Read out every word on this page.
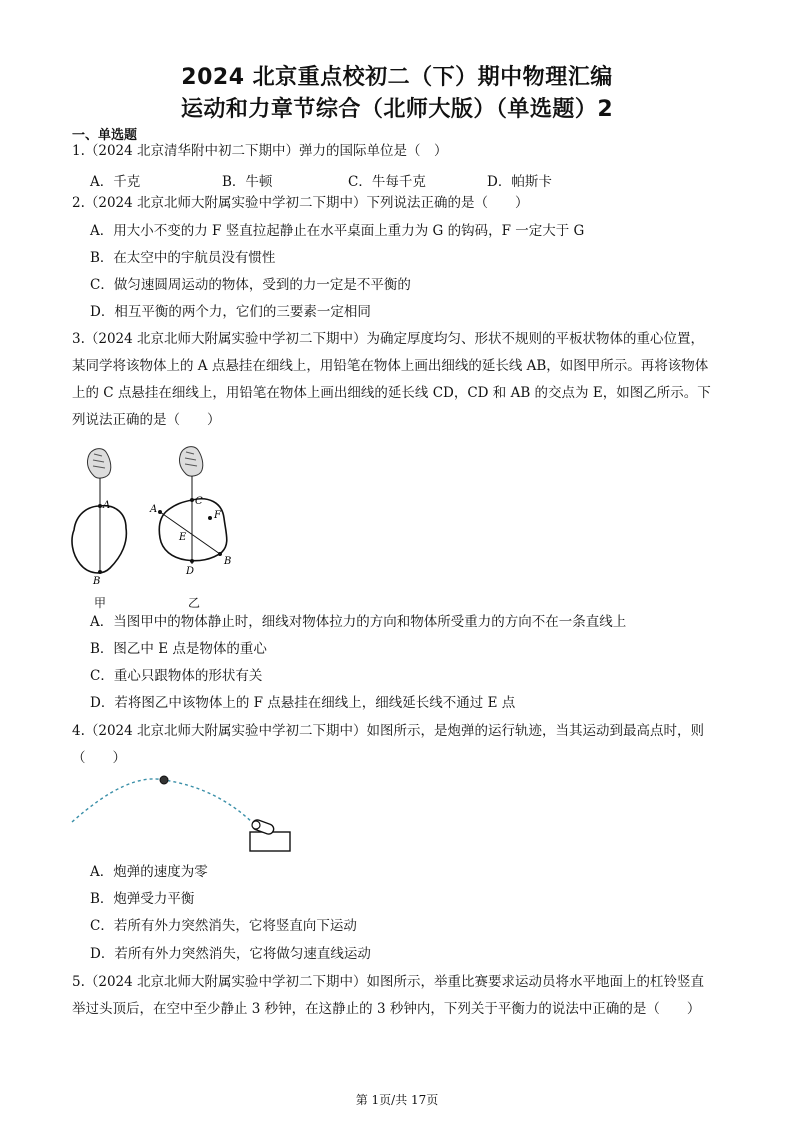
2024 北京重点校初二（下）期中物理汇编
运动和力章节综合（北师大版）（单选题）2
一、单选题
1.（2024 北京清华附中初二下期中）弹力的国际单位是（　）
A．千克	B．牛顿	C．牛每千克	D．帕斯卡
2.（2024 北京北师大附属实验中学初二下期中）下列说法正确的是（　　）
A．用大小不变的力 F 竖直拉起静止在水平桌面上重力为 G 的钩码，F 一定大于 G
B．在太空中的宇航员没有惯性
C．做匀速圆周运动的物体，受到的力一定是不平衡的
D．相互平衡的两个力，它们的三要素一定相同
3.（2024 北京北师大附属实验中学初二下期中）为确定厚度均匀、形状不规则的平板状物体的重心位置，
某同学将该物体上的 A 点悬挂在细线上，用铅笔在物体上画出细线的延长线 AB，如图甲所示。再将该物体
上的 C 点悬挂在细线上，用铅笔在物体上画出细线的延长线 CD，CD 和 AB 的交点为 E，如图乙所示。下
列说法正确的是（　　）
A
B
甲
C
A
F
E
B
D
乙
A．当图甲中的物体静止时，细线对物体拉力的方向和物体所受重力的方向不在一条直线上
B．图乙中 E 点是物体的重心
C．重心只跟物体的形状有关
D．若将图乙中该物体上的 F 点悬挂在细线上，细线延长线不通过 E 点
4.（2024 北京北师大附属实验中学初二下期中）如图所示，是炮弹的运行轨迹，当其运动到最高点时，则
（　　）
A．炮弹的速度为零
B．炮弹受力平衡
C．若所有外力突然消失，它将竖直向下运动
D．若所有外力突然消失，它将做匀速直线运动
5.（2024 北京北师大附属实验中学初二下期中）如图所示，举重比赛要求运动员将水平地面上的杠铃竖直
举过头顶后，在空中至少静止 3 秒钟，在这静止的 3 秒钟内，下列关于平衡力的说法中正确的是（　　）
第 1页/共 17页
